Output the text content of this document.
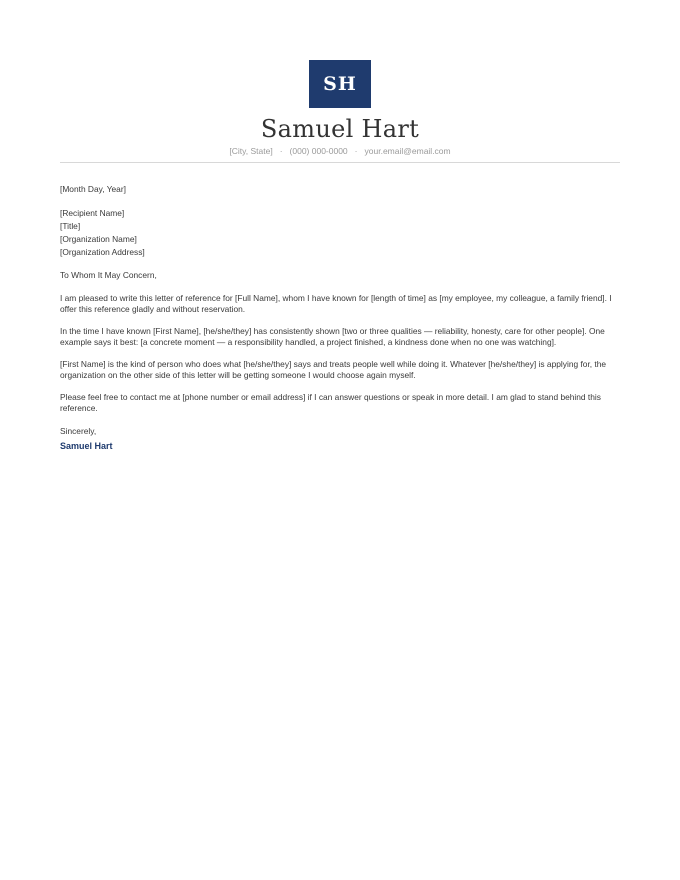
SH
Samuel Hart
[City, State] · (000) 000-0000 · your.email@email.com
[Month Day, Year]
[Recipient Name]
[Title]
[Organization Name]
[Organization Address]
To Whom It May Concern,

I am pleased to write this letter of reference for [Full Name], whom I have known for [length of time] as [my employee, my colleague, a family friend]. I offer this reference gladly and without reservation.

In the time I have known [First Name], [he/she/they] has consistently shown [two or three qualities — reliability, honesty, care for other people]. One example says it best: [a concrete moment — a responsibility handled, a project finished, a kindness done when no one was watching].

[First Name] is the kind of person who does what [he/she/they] says and treats people well while doing it. Whatever [he/she/they] is applying for, the organization on the other side of this letter will be getting someone I would choose again myself.

Please feel free to contact me at [phone number or email address] if I can answer questions or speak in more detail. I am glad to stand behind this reference.

Sincerely,
Samuel Hart
